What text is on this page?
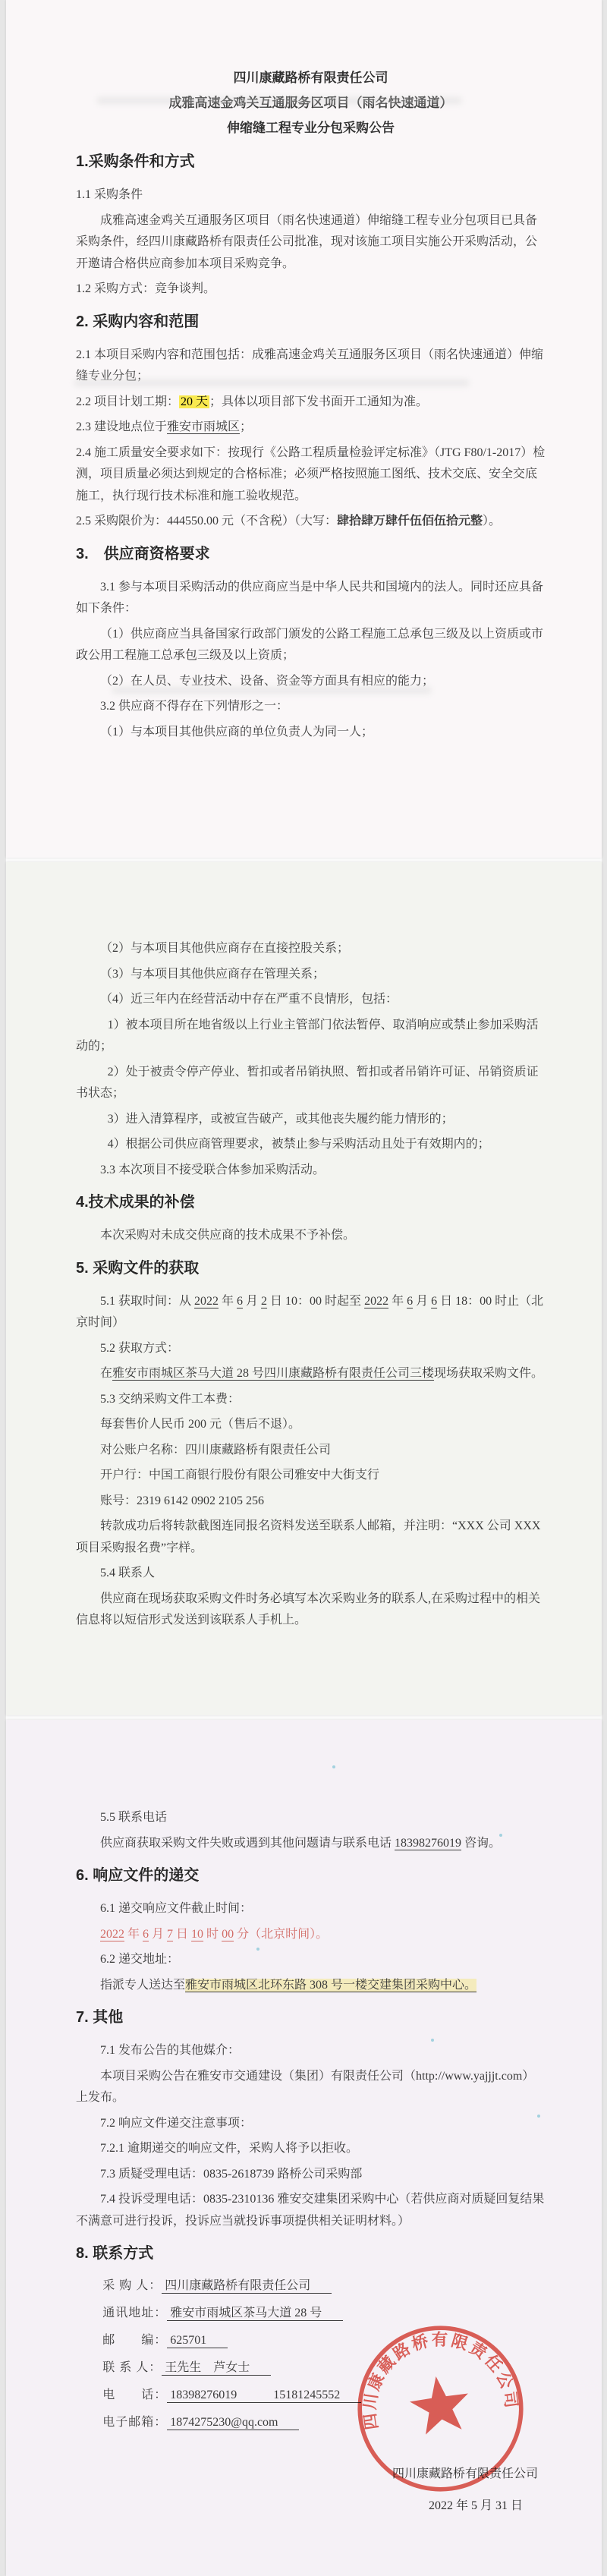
四川康藏路桥有限责任公司
成雅高速金鸡关互通服务区项目（雨名快速通道）
伸缩缝工程专业分包采购公告
1.采购条件和方式

1.1 采购条件

成雅高速金鸡关互通服务区项目（雨名快速通道）伸缩缝工程专业分包项目已具备采购条件，经四川康藏路桥有限责任公司批准，现对该施工项目实施公开采购活动，公开邀请合格供应商参加本项目采购竞争。

1.2 采购方式：竞争谈判。

2. 采购内容和范围

2.1 本项目采购内容和范围包括：成雅高速金鸡关互通服务区项目（雨名快速通道）伸缩缝专业分包；

2.2 项目计划工期： 20 天 ；具体以项目部下发书面开工通知为准。

2.3 建设地点位于雅安市雨城区；

2.4 施工质量安全要求如下：按现行《公路工程质量检验评定标准》（JTG F80/1-2017）检测，项目质量必须达到规定的合格标准；必须严格按照施工图纸、技术交底、安全交底施工，执行现行技术标准和施工验收规范。

2.5 采购限价为：444550.00 元（不含税）（大写：肆拾肆万肆仟伍佰伍拾元整）。

3.　供应商资格要求

3.1 参与本项目采购活动的供应商应当是中华人民共和国境内的法人。同时还应具备如下条件：

（1）供应商应当具备国家行政部门颁发的公路工程施工总承包三级及以上资质或市政公用工程施工总承包三级及以上资质；

（2）在人员、专业技术、设备、资金等方面具有相应的能力；

3.2 供应商不得存在下列情形之一：

（1）与本项目其他供应商的单位负责人为同一人；

（2）与本项目其他供应商存在直接控股关系；

（3）与本项目其他供应商存在管理关系；

（4）近三年内在经营活动中存在严重不良情形，包括：

1）被本项目所在地省级以上行业主管部门依法暂停、取消响应或禁止参加采购活动的；

2）处于被责令停产停业、暂扣或者吊销执照、暂扣或者吊销许可证、吊销资质证书状态；

3）进入清算程序，或被宣告破产，或其他丧失履约能力情形的；

4）根据公司供应商管理要求，被禁止参与采购活动且处于有效期内的；

3.3 本次项目不接受联合体参加采购活动。

4.技术成果的补偿

本次采购对未成交供应商的技术成果不予补偿。

5. 采购文件的获取

5.1 获取时间：从 2022 年 6 月 2 日 10：00 时起至 2022 年 6 月 6 日 18：00 时止（北京时间）

5.2 获取方式：

在雅安市雨城区茶马大道 28 号四川康藏路桥有限责任公司三楼现场获取采购文件。

5.3 交纳采购文件工本费：

每套售价人民币 200 元（售后不退）。

对公账户名称：四川康藏路桥有限责任公司

开户行：中国工商银行股份有限公司雅安中大街支行

账号：2319 6142 0902 2105 256

转款成功后将转款截图连同报名资料发送至联系人邮箱，并注明：“XXX 公司 XXX 项目采购报名费”字样。

5.4 联系人

供应商在现场获取采购文件时务必填写本次采购业务的联系人,在采购过程中的相关信息将以短信形式发送到该联系人手机上。

5.5 联系电话

供应商获取采购文件失败或遇到其他问题请与联系电话 18398276019 咨询。

6. 响应文件的递交

6.1 递交响应文件截止时间：

2022 年 6 月 7 日 10 时 00 分（北京时间）。

6.2 递交地址：

指派专人送达至雅安市雨城区北环东路 308 号一楼交建集团采购中心。

7. 其他

7.1 发布公告的其他媒介：

本项目采购公告在雅安市交通建设（集团）有限责任公司（http://www.yajjjt.com）上发布。

7.2 响应文件递交注意事项：

7.2.1 逾期递交的响应文件，采购人将予以拒收。

7.3 质疑受理电话：0835-2618739 路桥公司采购部

7.4 投诉受理电话：0835-2310136 雅安交建集团采购中心（若供应商对质疑回复结果不满意可进行投诉，投诉应当就投诉事项提供相关证明材料。）

8. 联系方式
采 购 人： 四川康藏路桥有限责任公司
通讯地址： 雅安市雨城区茶马大道 28 号
邮　　编： 625701
联 系 人： 王先生　芦女士
电　　话： 18398276019　　　15181245552
电子邮箱： 1874275230@qq.com
四川康藏路桥有限责任公司
2022 年 5 月 31 日
四川康藏路桥有限责任公司
